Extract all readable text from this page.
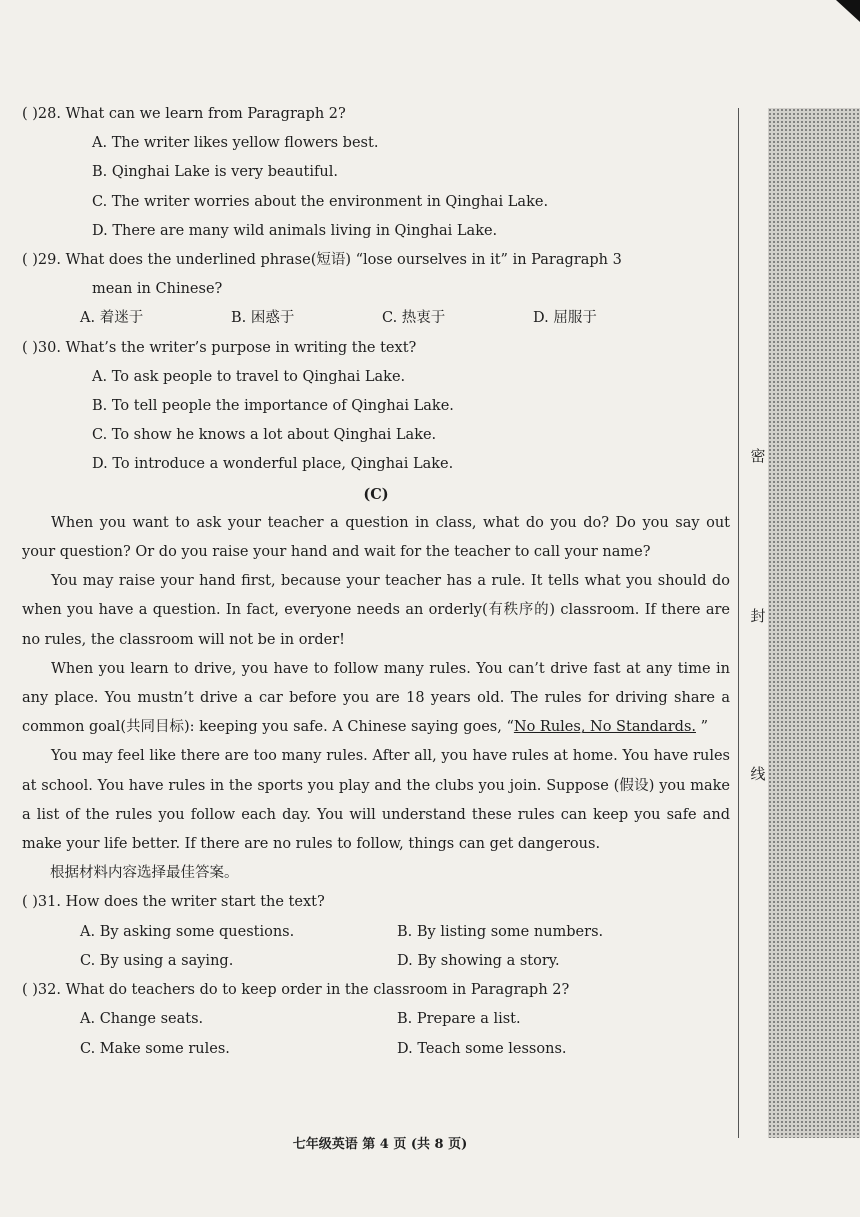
密
封
线
( )28. What can we learn from Paragraph 2?
A. The writer likes yellow flowers best.
B. Qinghai Lake is very beautiful.
C. The writer worries about the environment in Qinghai Lake.
D. There are many wild animals living in Qinghai Lake.
( )29. What does the underlined phrase(短语) “lose ourselves in it” in Paragraph 3
mean in Chinese?
A. 着迷于	B. 困惑于	C. 热衷于	D. 屈服于
( )30. What’s the writer’s purpose in writing the text?
A. To ask people to travel to Qinghai Lake.
B. To tell people the importance of Qinghai Lake.
C. To show he knows a lot about Qinghai Lake.
D. To introduce a wonderful place, Qinghai Lake.
(C)
When you want to ask your teacher a question in class, what do you do? Do you say out your question? Or do you raise your hand and wait for the teacher to call your name?
You may raise your hand first, because your teacher has a rule. It tells what you should do when you have a question. In fact, everyone needs an orderly(有秩序的) classroom. If there are no rules, the classroom will not be in order!
When you learn to drive, you have to follow many rules. You can’t drive fast at any time in any place. You mustn’t drive a car before you are 18 years old. The rules for driving share a common goal(共同目标): keeping you safe. A Chinese saying goes, “No Rules, No Standards. ”
You may feel like there are too many rules. After all, you have rules at home. You have rules at school. You have rules in the sports you play and the clubs you join. Suppose (假设) you make a list of the rules you follow each day. You will understand these rules can keep you safe and make your life better. If there are no rules to follow, things can get dangerous.
根据材料内容选择最佳答案。
( )31. How does the writer start the text?
A. By asking some questions.	B. By listing some numbers.
C. By using a saying.	D. By showing a story.
( )32. What do teachers do to keep order in the classroom in Paragraph 2?
A. Change seats.	B. Prepare a list.
C. Make some rules.	D. Teach some lessons.
七年级英语 第 4 页 (共 8 页)
